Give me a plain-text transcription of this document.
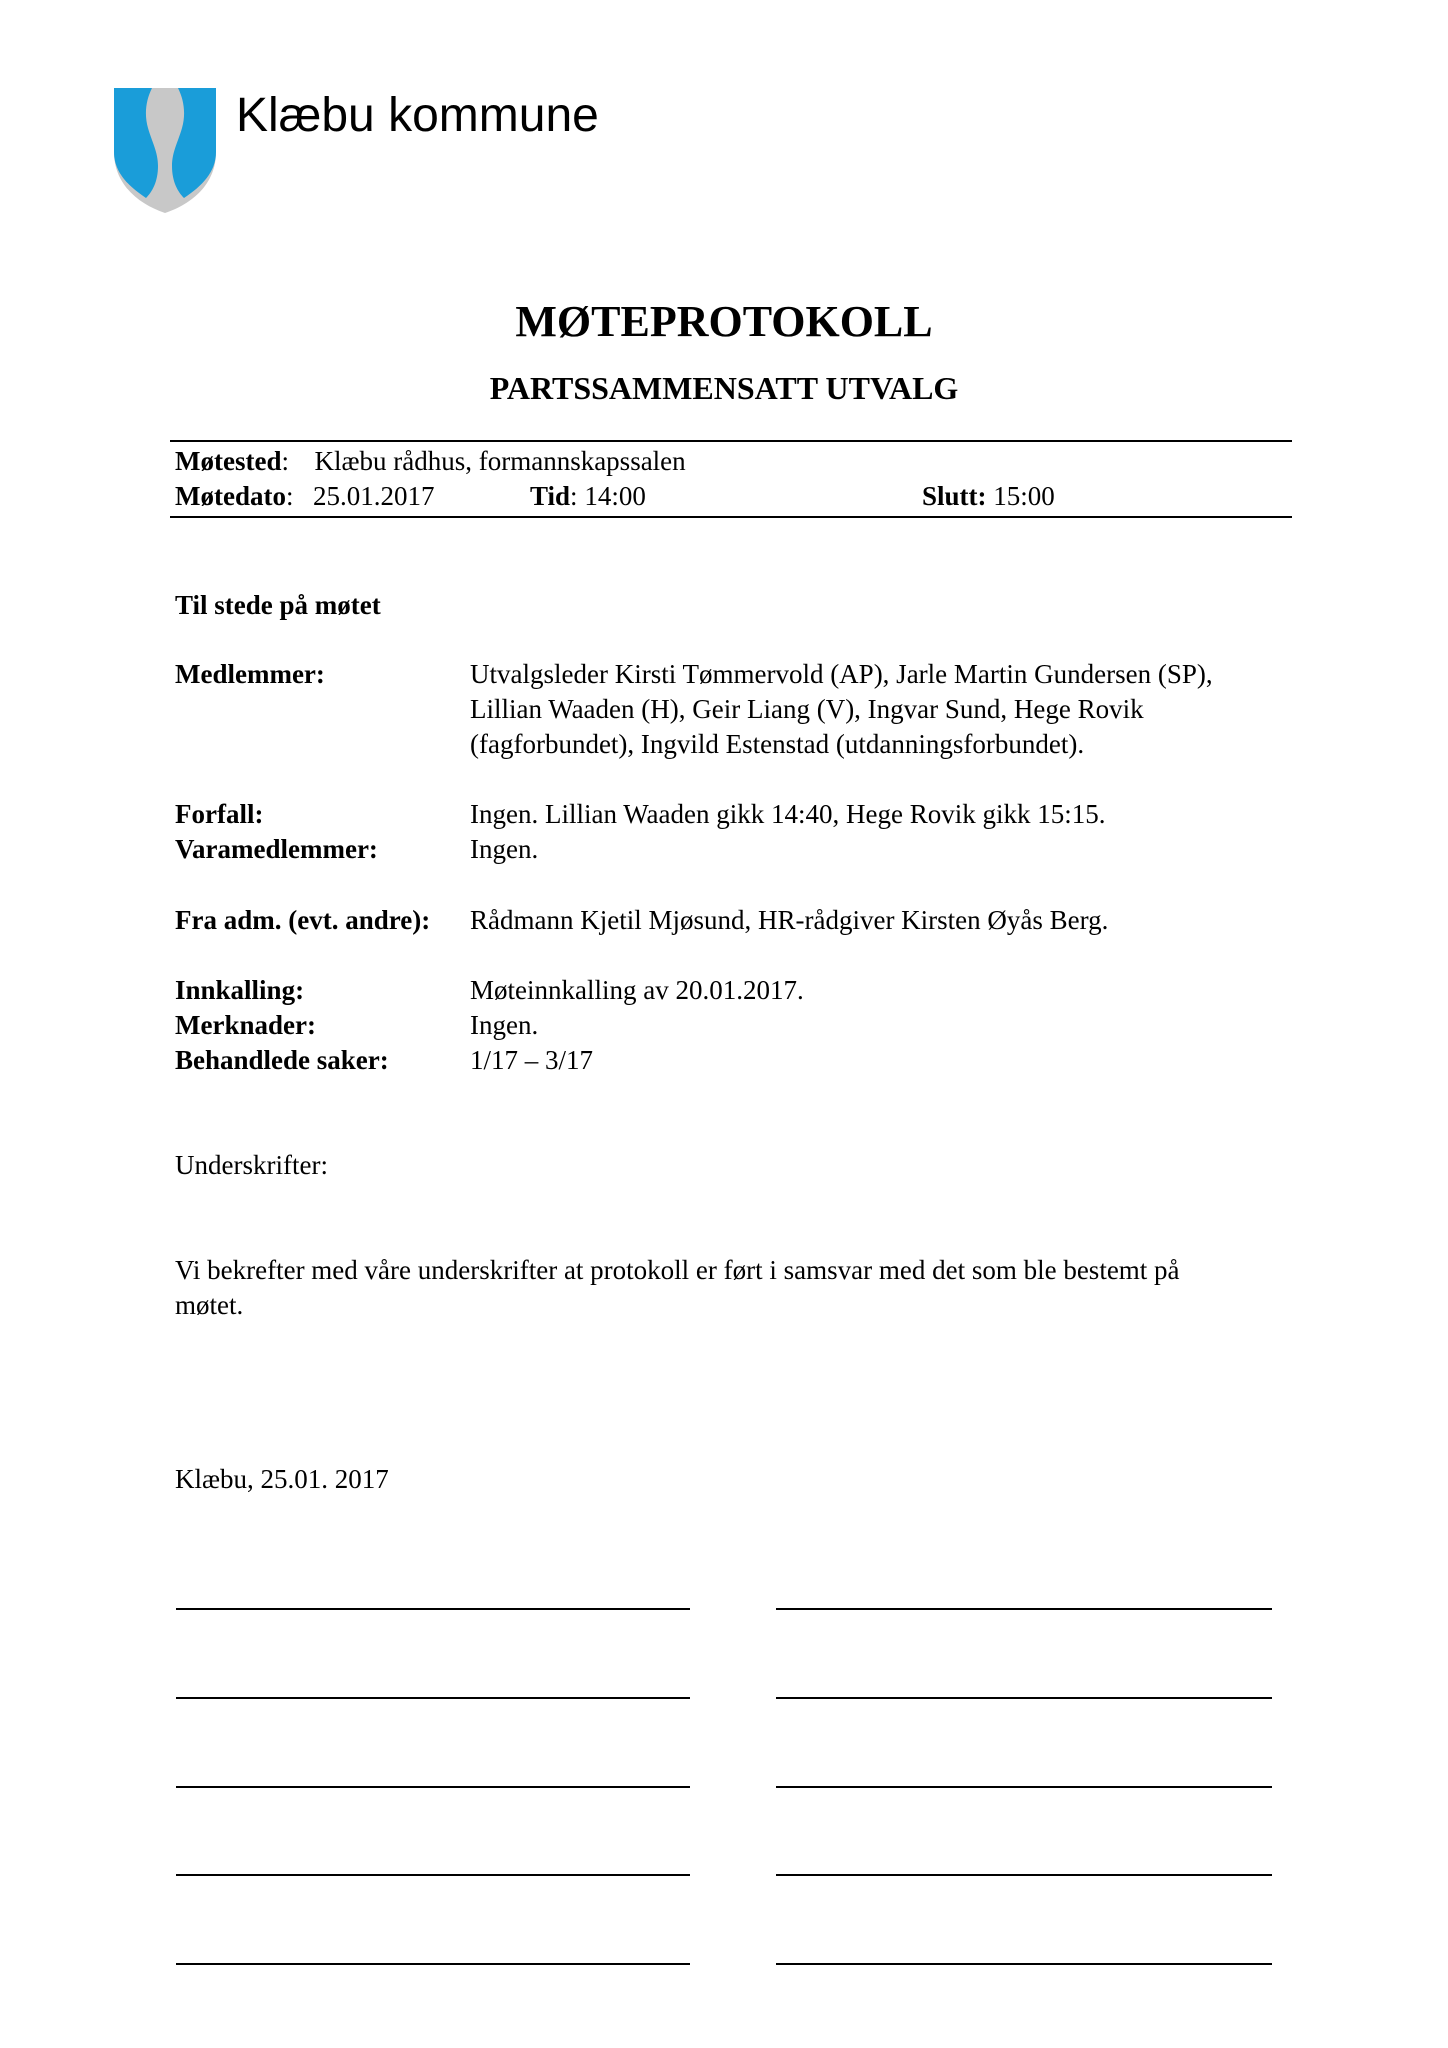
Klæbu kommune
MØTEPROTOKOLL
PARTSSAMMENSATT UTVALG
Møtested: Klæbu rådhus, formannskapssalen
Møtedato: 25.01.2017	Tid: 14:00	Slutt: 15:00
Til stede på møtet
Medlemmer:	Utvalgsleder Kirsti Tømmervold (AP), Jarle Martin Gundersen (SP),
Lillian Waaden (H), Geir Liang (V), Ingvar Sund, Hege Rovik
(fagforbundet), Ingvild Estenstad (utdanningsforbundet).
Forfall:	Ingen. Lillian Waaden gikk 14:40, Hege Rovik gikk 15:15.
Varamedlemmer:	Ingen.
Fra adm. (evt. andre): Rådmann Kjetil Mjøsund, HR-rådgiver Kirsten Øyås Berg.
Innkalling:	Møteinnkalling av 20.01.2017.
Merknader:	Ingen.
Behandlede saker:	1/17 – 3/17
Underskrifter:
Vi bekrefter med våre underskrifter at protokoll er ført i samsvar med det som ble bestemt på
møtet.
Klæbu, 25.01. 2017
